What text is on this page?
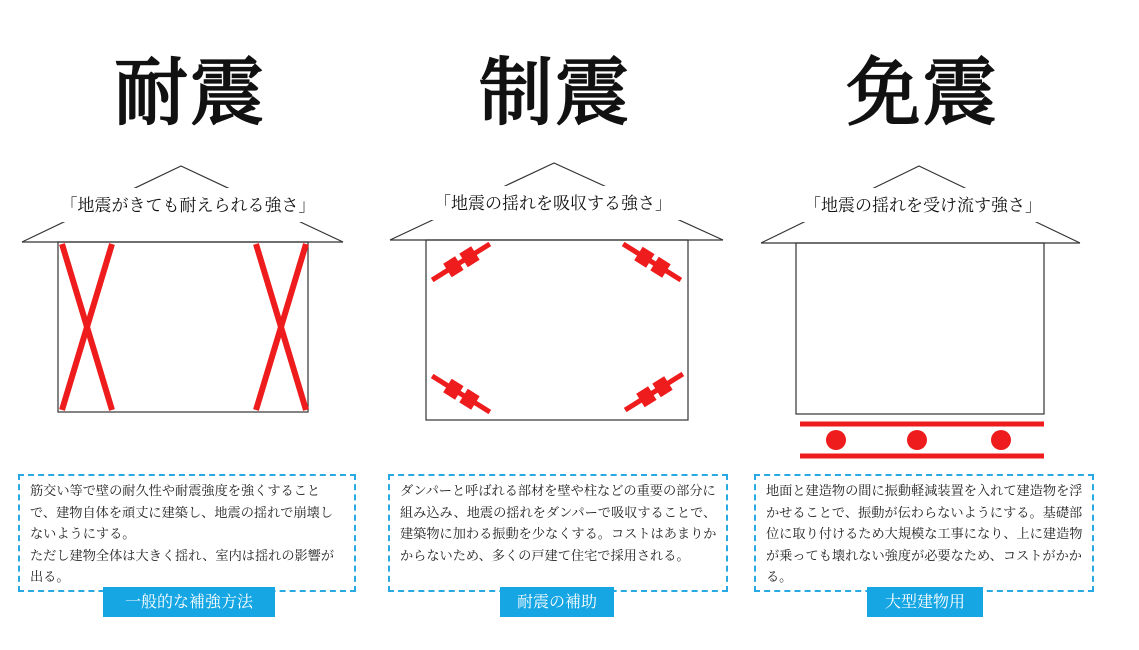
耐震
「地震がきても耐えられる強さ」

筋交い等で壁の耐久性や耐震強度を強くすることで、建物自体を頑丈に建築し、地震の揺れで崩壊しないようにする。

ただし建物全体は大きく揺れ、室内は揺れの影響が出る。

一般的な補強方法
制震
「地震の揺れを吸収する強さ」

ダンパーと呼ばれる部材を壁や柱などの重要の部分に組み込み、地震の揺れをダンパーで吸収することで、建築物に加わる振動を少なくする。コストはあまりかからないため、多くの戸建て住宅で採用される。

耐震の補助
免震
「地震の揺れを受け流す強さ」

地面と建造物の間に振動軽減装置を入れて建造物を浮かせることで、振動が伝わらないようにする。基礎部位に取り付けるため大規模な工事になり、上に建造物が乗っても壊れない強度が必要なため、コストがかかる。

大型建物用
